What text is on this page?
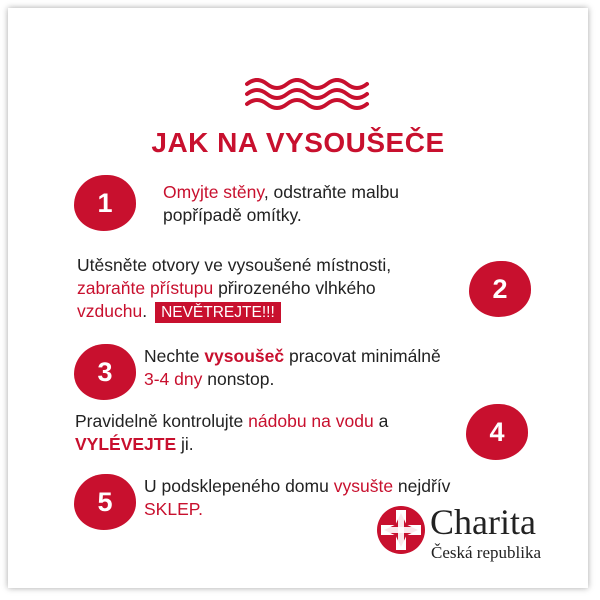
JAK NA VYSOUŠEČE
1	Omyjte stěny, odstraňte malbu
popřípadě omítky.
Utěsněte otvory ve vysoušené místnosti,
zabraňte přístupu přirozeného vlhkého
vzduchu. NEVĚTREJTE!!!
2
3
Nechte vysoušeč pracovat minimálně
3-4 dny nonstop.
Pravidelně kontrolujte nádobu na vodu a
VYLÉVEJTE ji.	4
5
U podsklepeného domu vysušte nejdřív
SKLEP.	Charita
Česká republika
